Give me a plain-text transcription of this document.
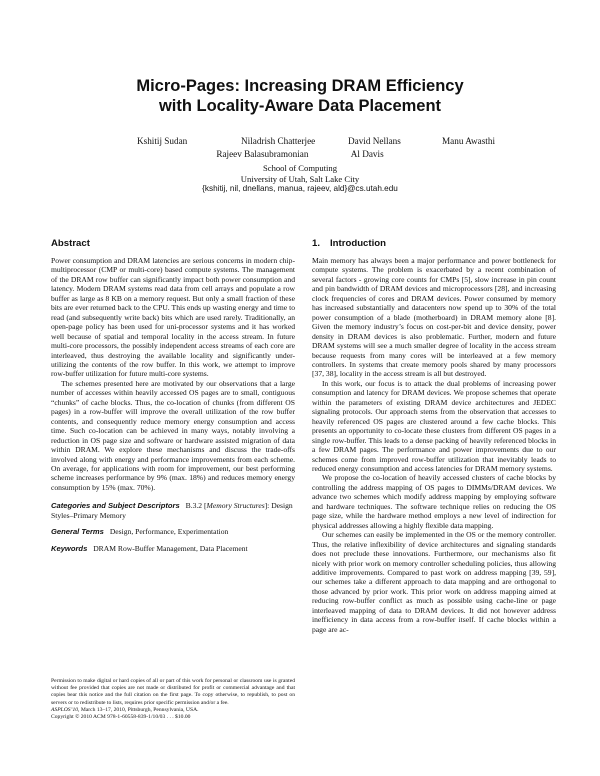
Micro-Pages: Increasing DRAM Efficiency
with Locality-Aware Data Placement
Kshitij Sudan	Niladrish Chatterjee	David Nellans	Manu Awasthi
Rajeev Balasubramonian	Al Davis
School of Computing
University of Utah, Salt Lake City
{kshitij, nil, dnellans, manua, rajeev, ald}@cs.utah.edu
Abstract

Power consumption and DRAM latencies are serious concerns in modern chip-multiprocessor (CMP or multi-core) based compute systems. The management of the DRAM row buffer can significantly impact both power consumption and latency. Modern DRAM systems read data from cell arrays and populate a row buffer as large as 8 KB on a memory request. But only a small fraction of these bits are ever returned back to the CPU. This ends up wasting energy and time to read (and subsequently write back) bits which are used rarely. Traditionally, an open-page policy has been used for uni-processor systems and it has worked well because of spatial and temporal locality in the access stream. In future multi-core processors, the possibly independent access streams of each core are interleaved, thus destroying the available locality and significantly under-utilizing the contents of the row buffer. In this work, we attempt to improve row-buffer utilization for future multi-core systems.

The schemes presented here are motivated by our observations that a large number of accesses within heavily accessed OS pages are to small, contiguous “chunks” of cache blocks. Thus, the co-location of chunks (from different OS pages) in a row-buffer will improve the overall utilization of the row buffer contents, and consequently reduce memory energy consumption and access time. Such co-location can be achieved in many ways, notably involving a reduction in OS page size and software or hardware assisted migration of data within DRAM. We explore these mechanisms and discuss the trade-offs involved along with energy and performance improvements from each scheme. On average, for applications with room for improvement, our best performing scheme increases performance by 9% (max. 18%) and reduces memory energy consumption by 15% (max. 70%).

Categories and Subject Descriptors B.3.2 [Memory Structures]: Design Styles–Primary Memory
General Terms Design, Performance, Experimentation
Keywords DRAM Row-Buffer Management, Data Placement
Permission to make digital or hard copies of all or part of this work for personal or classroom use is granted without fee provided that copies are not made or distributed for profit or commercial advantage and that copies bear this notice and the full citation on the first page. To copy otherwise, to republish, to post on servers or to redistribute to lists, requires prior specific permission and/or a fee.
ASPLOS’10, March 13–17, 2010, Pittsburgh, Pennsylvania, USA.
Copyright © 2010 ACM 978-1-60558-839-1/10/03 . . . $10.00
1. Introduction

Main memory has always been a major performance and power bottleneck for compute systems. The problem is exacerbated by a recent combination of several factors - growing core counts for CMPs [5], slow increase in pin count and pin bandwidth of DRAM devices and microprocessors [28], and increasing clock frequencies of cores and DRAM devices. Power consumed by memory has increased substantially and datacenters now spend up to 30% of the total power consumption of a blade (motherboard) in DRAM memory alone [8]. Given the memory industry’s focus on cost-per-bit and device density, power density in DRAM devices is also problematic. Further, modern and future DRAM systems will see a much smaller degree of locality in the access stream because requests from many cores will be interleaved at a few memory controllers. In systems that create memory pools shared by many processors [37, 38], locality in the access stream is all but destroyed.

In this work, our focus is to attack the dual problems of increasing power consumption and latency for DRAM devices. We propose schemes that operate within the parameters of existing DRAM device architectures and JEDEC signaling protocols. Our approach stems from the observation that accesses to heavily referenced OS pages are clustered around a few cache blocks. This presents an opportunity to co-locate these clusters from different OS pages in a single row-buffer. This leads to a dense packing of heavily referenced blocks in a few DRAM pages. The performance and power improvements due to our schemes come from improved row-buffer utilization that inevitably leads to reduced energy consumption and access latencies for DRAM memory systems.

We propose the co-location of heavily accessed clusters of cache blocks by controlling the address mapping of OS pages to DIMMs/DRAM devices. We advance two schemes which modify address mapping by employing software and hardware techniques. The software technique relies on reducing the OS page size, while the hardware method employs a new level of indirection for physical addresses allowing a highly flexible data mapping.

Our schemes can easily be implemented in the OS or the memory controller. Thus, the relative inflexibility of device architectures and signaling standards does not preclude these innovations. Furthermore, our mechanisms also fit nicely with prior work on memory controller scheduling policies, thus allowing additive improvements. Compared to past work on address mapping [39, 59], our schemes take a different approach to data mapping and are orthogonal to those advanced by prior work. This prior work on address mapping aimed at reducing row-buffer conflict as much as possible using cache-line or page interleaved mapping of data to DRAM devices. It did not however address inefficiency in data access from a row-buffer itself. If cache blocks within a page are ac-
